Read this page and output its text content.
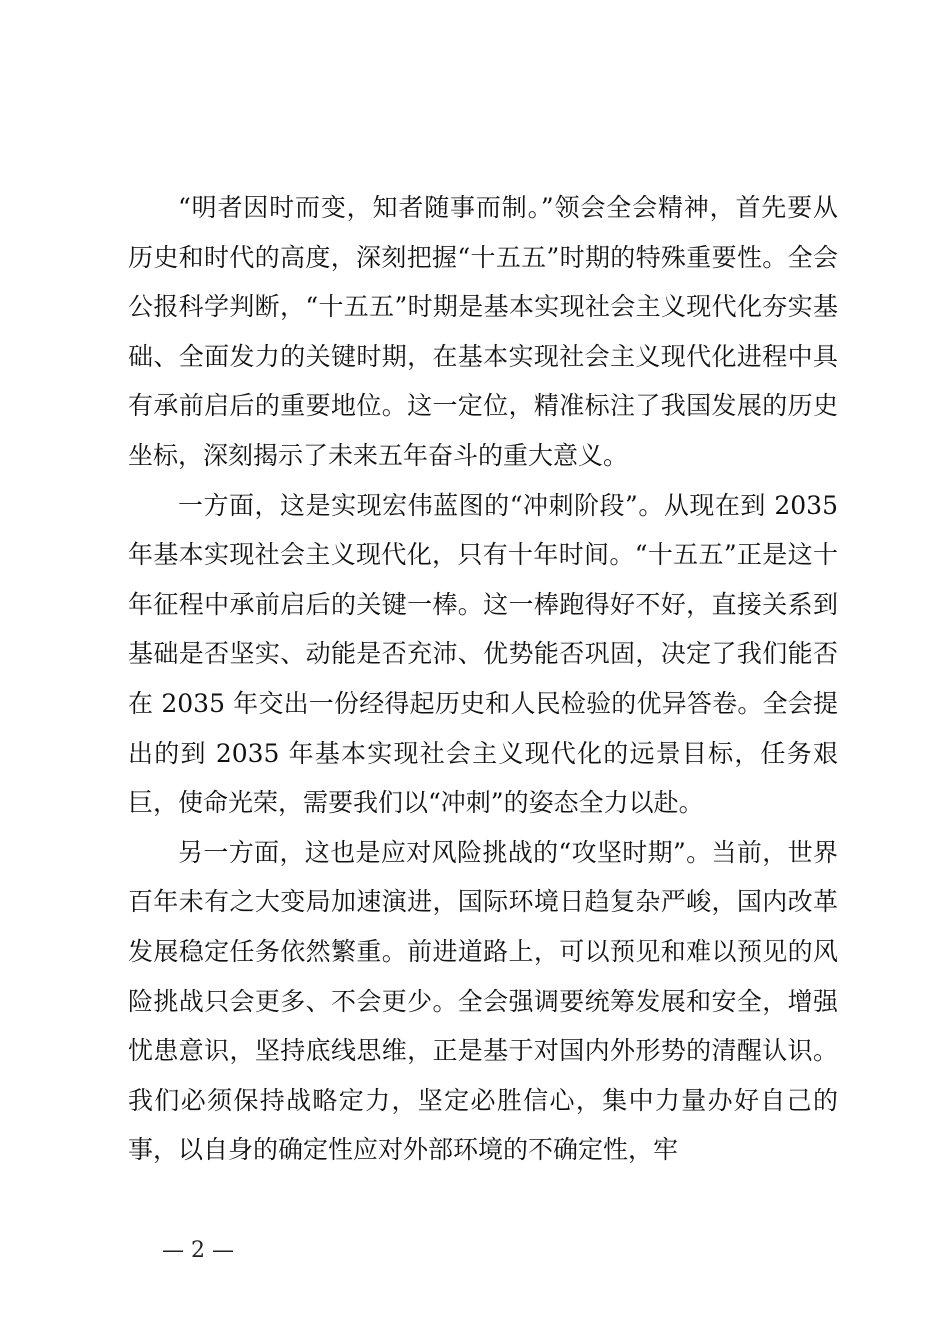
“明者因时而变，知者随事而制。”领会全会精神，首先要从历史和时代的高度，深刻把握“十五五”时期的特殊重要性。全会公报科学判断，“十五五”时期是基本实现社会主义现代化夯实基础、全面发力的关键时期，在基本实现社会主义现代化进程中具有承前启后的重要地位。这一定位，精准标注了我国发展的历史坐标，深刻揭示了未来五年奋斗的重大意义。

一方面，这是实现宏伟蓝图的“冲刺阶段”。从现在到 2035 年基本实现社会主义现代化，只有十年时间。“十五五”正是这十年征程中承前启后的关键一棒。这一棒跑得好不好，直接关系到基础是否坚实、动能是否充沛、优势能否巩固，决定了我们能否在 2035 年交出一份经得起历史和人民检验的优异答卷。全会提出的到 2035 年基本实现社会主义现代化的远景目标，任务艰巨，使命光荣，需要我们以“冲刺”的姿态全力以赴。

另一方面，这也是应对风险挑战的“攻坚时期”。当前，世界百年未有之大变局加速演进，国际环境日趋复杂严峻，国内改革发展稳定任务依然繁重。前进道路上，可以预见和难以预见的风险挑战只会更多、不会更少。全会强调要统筹发展和安全，增强忧患意识，坚持底线思维，正是基于对国内外形势的清醒认识。我们必须保持战略定力，坚定必胜信心，集中力量办好自己的事，以自身的确定性应对外部环境的不确定性，牢

— 2 —
